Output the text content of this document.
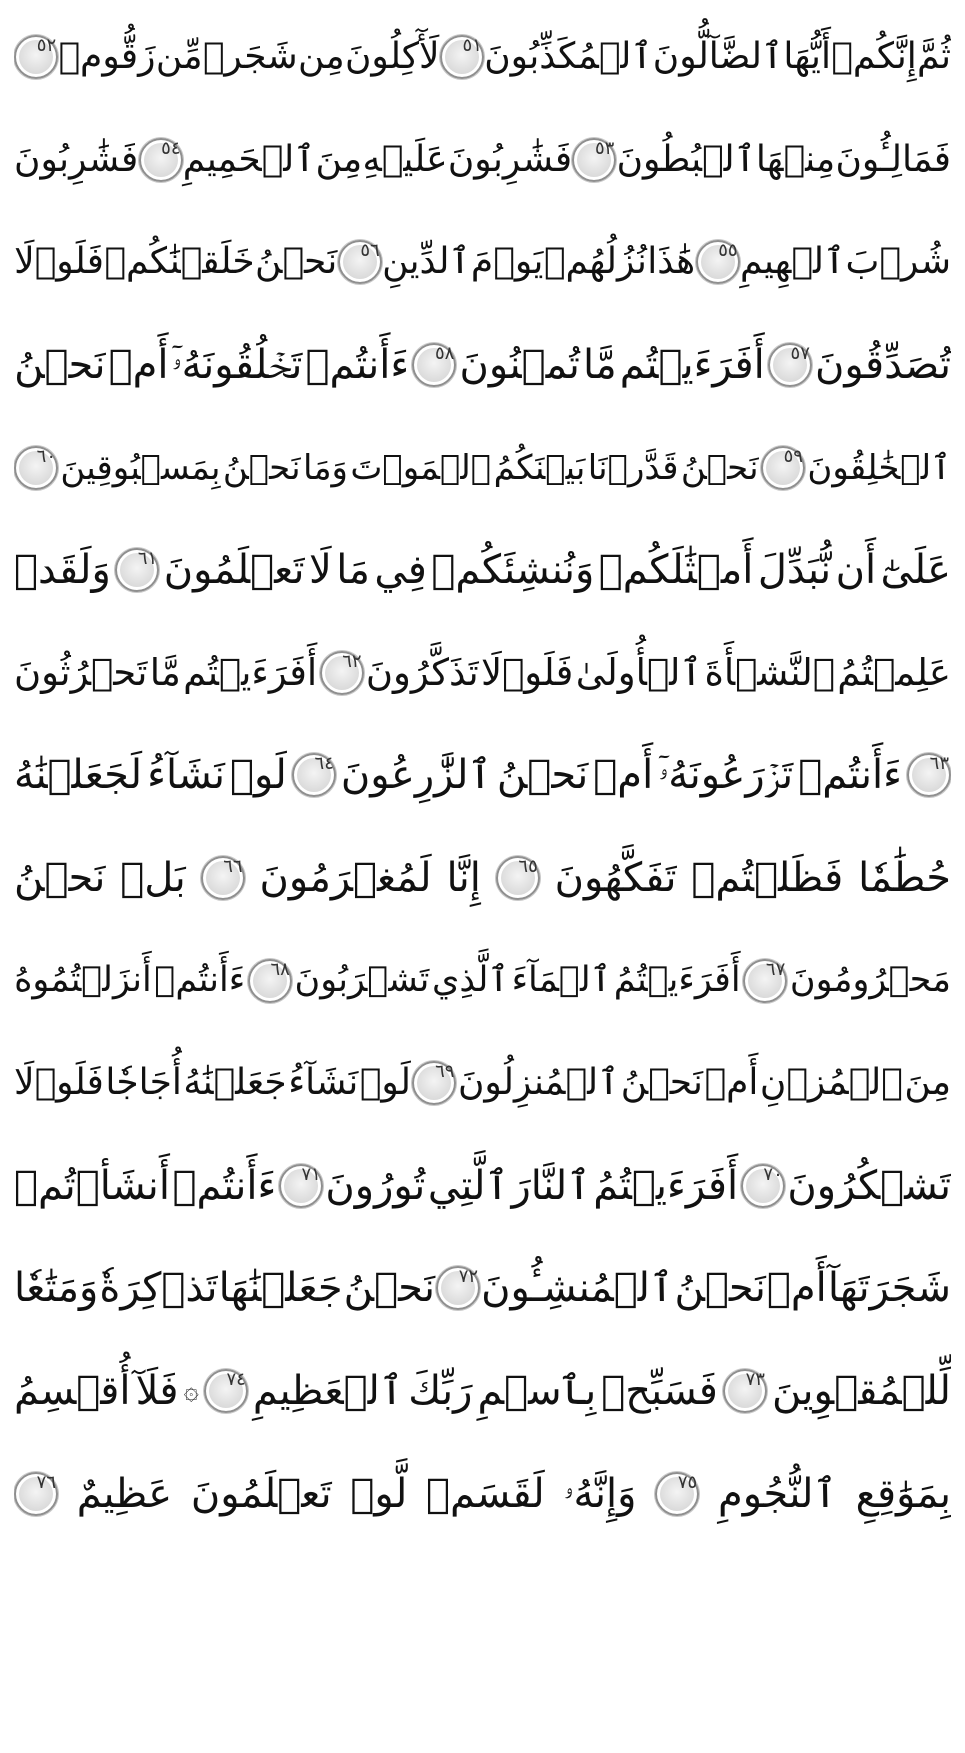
ثُمَّ
إِنَّكُمۡ
أَيُّهَا
ٱلضَّآلُّونَ
ٱلۡمُكَذِّبُونَ
٥١
لَأٓكِلُونَ
مِن
شَجَرٖ
مِّن
زَقُّومٖ
٥٢
فَمَالِـُٔونَ
مِنۡهَا
ٱلۡبُطُونَ
٥٣
فَشَٰرِبُونَ
عَلَيۡهِ
مِنَ
ٱلۡحَمِيمِ
٥٤
فَشَٰرِبُونَ
شُرۡبَ
ٱلۡهِيمِ
٥٥
هَٰذَا
نُزُلُهُمۡ
يَوۡمَ
ٱلدِّينِ
٥٦
نَحۡنُ
خَلَقۡنَٰكُمۡ
فَلَوۡلَا
تُصَدِّقُونَ
٥٧
أَفَرَءَيۡتُم
مَّا
تُمۡنُونَ
٥٨
ءَأَنتُمۡ
تَخۡلُقُونَهُۥٓ
أَمۡ
نَحۡنُ
ٱلۡخَٰلِقُونَ
٥٩
نَحۡنُ
قَدَّرۡنَا
بَيۡنَكُمُ
ٱلۡمَوۡتَ
وَمَا
نَحۡنُ
بِمَسۡبُوقِينَ
٦٠
عَلَىٰٓ
أَن
نُّبَدِّلَ
أَمۡثَٰلَكُمۡ
وَنُنشِئَكُمۡ
فِي
مَا
لَا
تَعۡلَمُونَ
٦١
وَلَقَدۡ
عَلِمۡتُمُ
ٱلنَّشۡأَةَ
ٱلۡأُولَىٰ
فَلَوۡلَا
تَذَكَّرُونَ
٦٢
أَفَرَءَيۡتُم
مَّا
تَحۡرُثُونَ
٦٣
ءَأَنتُمۡ
تَزۡرَعُونَهُۥٓ
أَمۡ
نَحۡنُ
ٱلزَّٰرِعُونَ
٦٤
لَوۡ
نَشَآءُ
لَجَعَلۡنَٰهُ
حُطَٰمٗا
فَظَلۡتُمۡ
تَفَكَّهُونَ
٦٥
إِنَّا
لَمُغۡرَمُونَ
٦٦
بَلۡ
نَحۡنُ
مَحۡرُومُونَ
٦٧
أَفَرَءَيۡتُمُ
ٱلۡمَآءَ
ٱلَّذِي
تَشۡرَبُونَ
٦٨
ءَأَنتُمۡ
أَنزَلۡتُمُوهُ
مِنَ
ٱلۡمُزۡنِ
أَمۡ
نَحۡنُ
ٱلۡمُنزِلُونَ
٦٩
لَوۡ
نَشَآءُ
جَعَلۡنَٰهُ
أُجَاجٗا
فَلَوۡلَا
تَشۡكُرُونَ
٧٠
أَفَرَءَيۡتُمُ
ٱلنَّارَ
ٱلَّتِي
تُورُونَ
٧١
ءَأَنتُمۡ
أَنشَأۡتُمۡ
شَجَرَتَهَآ
أَمۡ
نَحۡنُ
ٱلۡمُنشِـُٔونَ
٧٢
نَحۡنُ
جَعَلۡنَٰهَا
تَذۡكِرَةٗ
وَمَتَٰعٗا
لِّلۡمُقۡوِينَ
٧٣
فَسَبِّحۡ
بِٱسۡمِ
رَبِّكَ
ٱلۡعَظِيمِ
٧٤
۞
فَلَآ
أُقۡسِمُ
بِمَوَٰقِعِ
ٱلنُّجُومِ
٧٥
وَإِنَّهُۥ
لَقَسَمٞ
لَّوۡ
تَعۡلَمُونَ
عَظِيمٌ
٧٦
